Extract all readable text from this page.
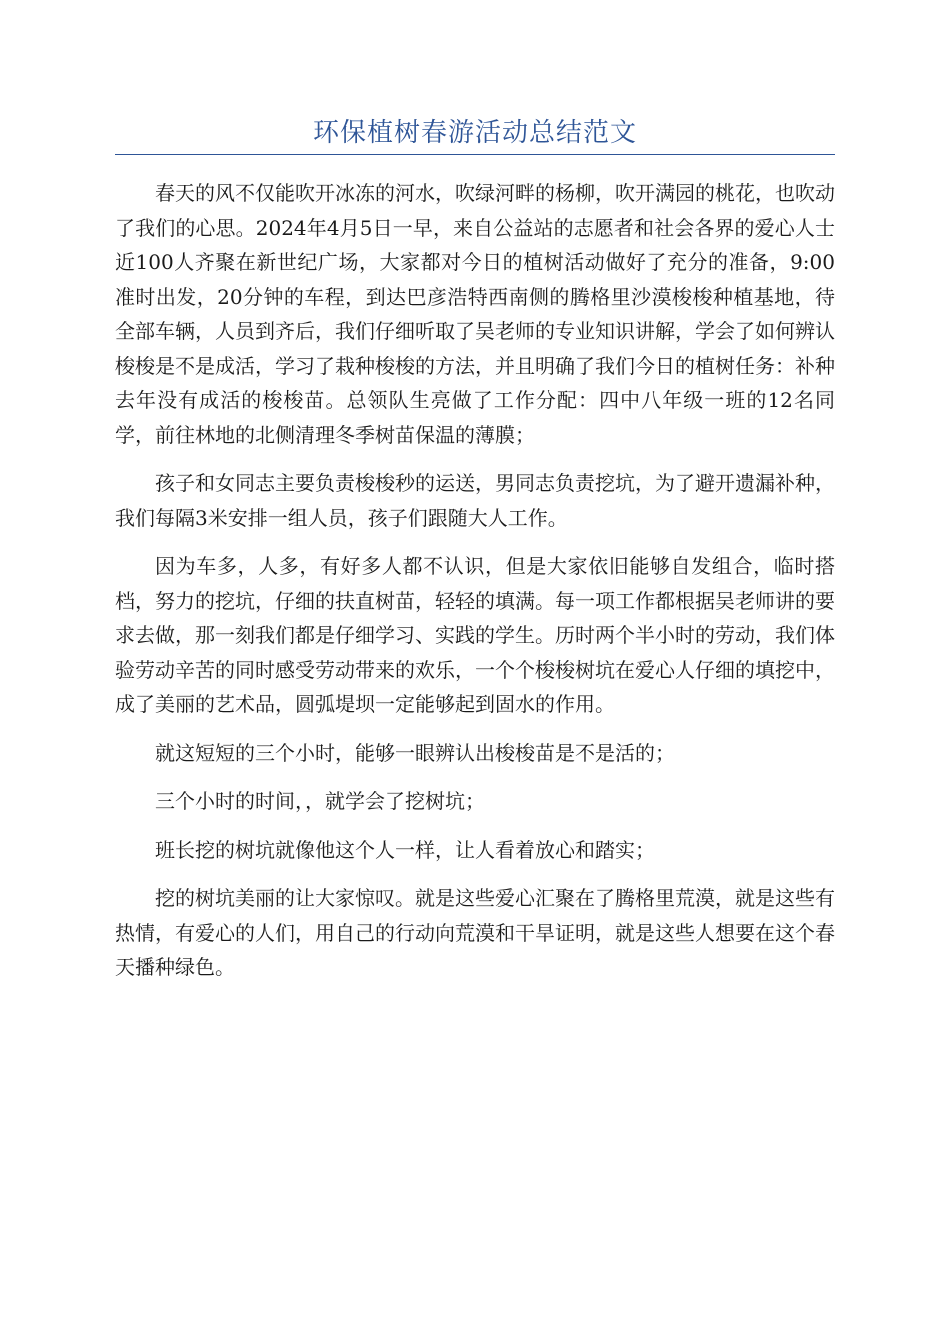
环保植树春游活动总结范文

春天的风不仅能吹开冰冻的河水，吹绿河畔的杨柳，吹开满园的桃花，也吹动了我们的心思。2024年4月5日一早，来自公益站的志愿者和社会各界的爱心人士近100人齐聚在新世纪广场，大家都对今日的植树活动做好了充分的准备，9:00准时出发，20分钟的车程，到达巴彦浩特西南侧的腾格里沙漠梭梭种植基地，待全部车辆，人员到齐后，我们仔细听取了吴老师的专业知识讲解，学会了如何辨认梭梭是不是成活，学习了栽种梭梭的方法，并且明确了我们今日的植树任务：补种去年没有成活的梭梭苗。总领队生亮做了工作分配：四中八年级一班的12名同学，前往林地的北侧清理冬季树苗保温的薄膜；

孩子和女同志主要负责梭梭秒的运送，男同志负责挖坑，为了避开遗漏补种，我们每隔3米安排一组人员，孩子们跟随大人工作。

因为车多，人多，有好多人都不认识，但是大家依旧能够自发组合，临时搭档，努力的挖坑，仔细的扶直树苗，轻轻的填满。每一项工作都根据吴老师讲的要求去做，那一刻我们都是仔细学习、实践的学生。历时两个半小时的劳动，我们体验劳动辛苦的同时感受劳动带来的欢乐，一个个梭梭树坑在爱心人仔细的填挖中，成了美丽的艺术品，圆弧堤坝一定能够起到固水的作用。

就这短短的三个小时，能够一眼辨认出梭梭苗是不是活的；

三个小时的时间，，就学会了挖树坑；

班长挖的树坑就像他这个人一样，让人看着放心和踏实；

挖的树坑美丽的让大家惊叹。就是这些爱心汇聚在了腾格里荒漠，就是这些有热情，有爱心的人们，用自己的行动向荒漠和干旱证明，就是这些人想要在这个春天播种绿色。
